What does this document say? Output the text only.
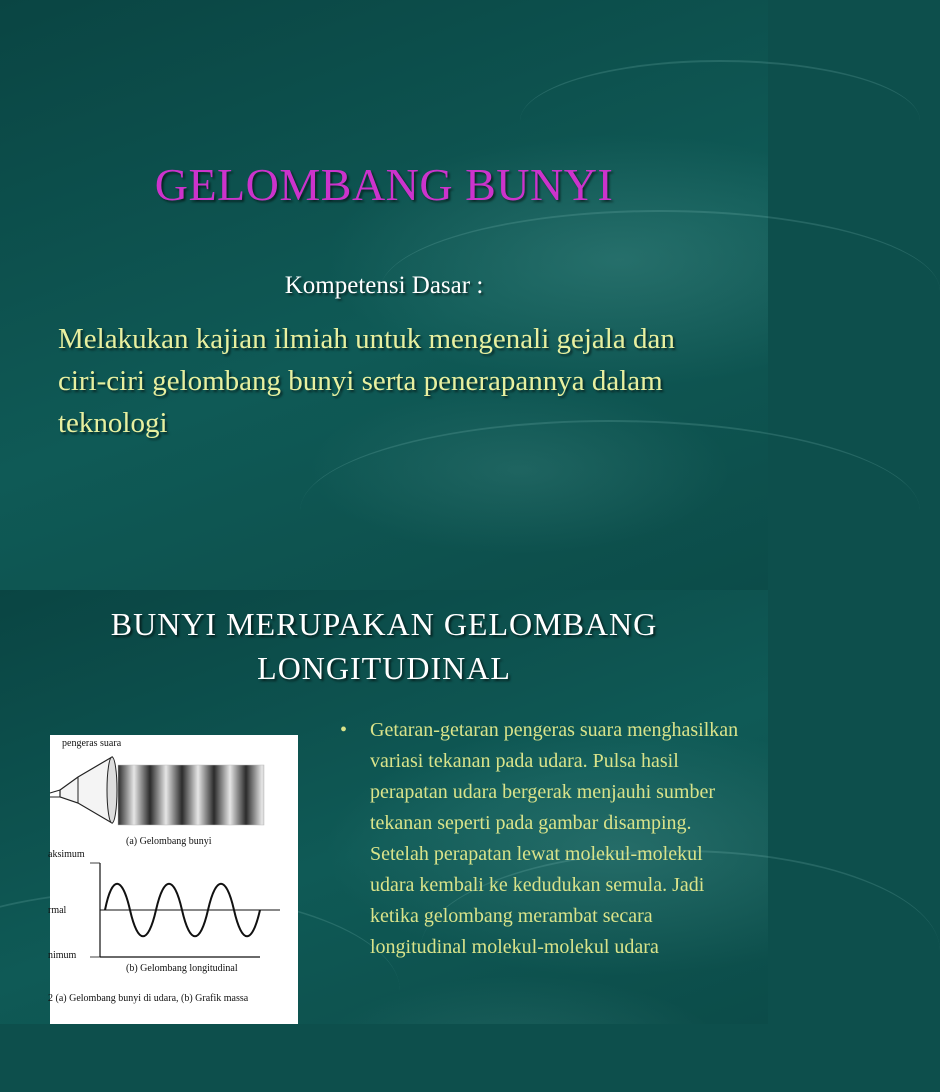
GELOMBANG BUNYI
Kompetensi Dasar :
Melakukan kajian ilmiah untuk mengenali gejala dan ciri-ciri gelombang bunyi serta penerapannya dalam teknologi
BUNYI MERUPAKAN GELOMBANG
LONGITUDINAL
pengeras suara
(a) Gelombang bunyi
aksimum
rmal
nimum
(b) Gelombang longitudinal
2 (a) Gelombang bunyi di udara, (b) Grafik massa
• Getaran-getaran pengeras suara menghasilkan variasi tekanan pada udara. Pulsa hasil perapatan udara bergerak menjauhi sumber tekanan seperti pada gambar disamping. Setelah perapatan lewat molekul-molekul udara kembali ke kedudukan semula. Jadi ketika gelombang merambat secara longitudinal molekul-molekul udara
